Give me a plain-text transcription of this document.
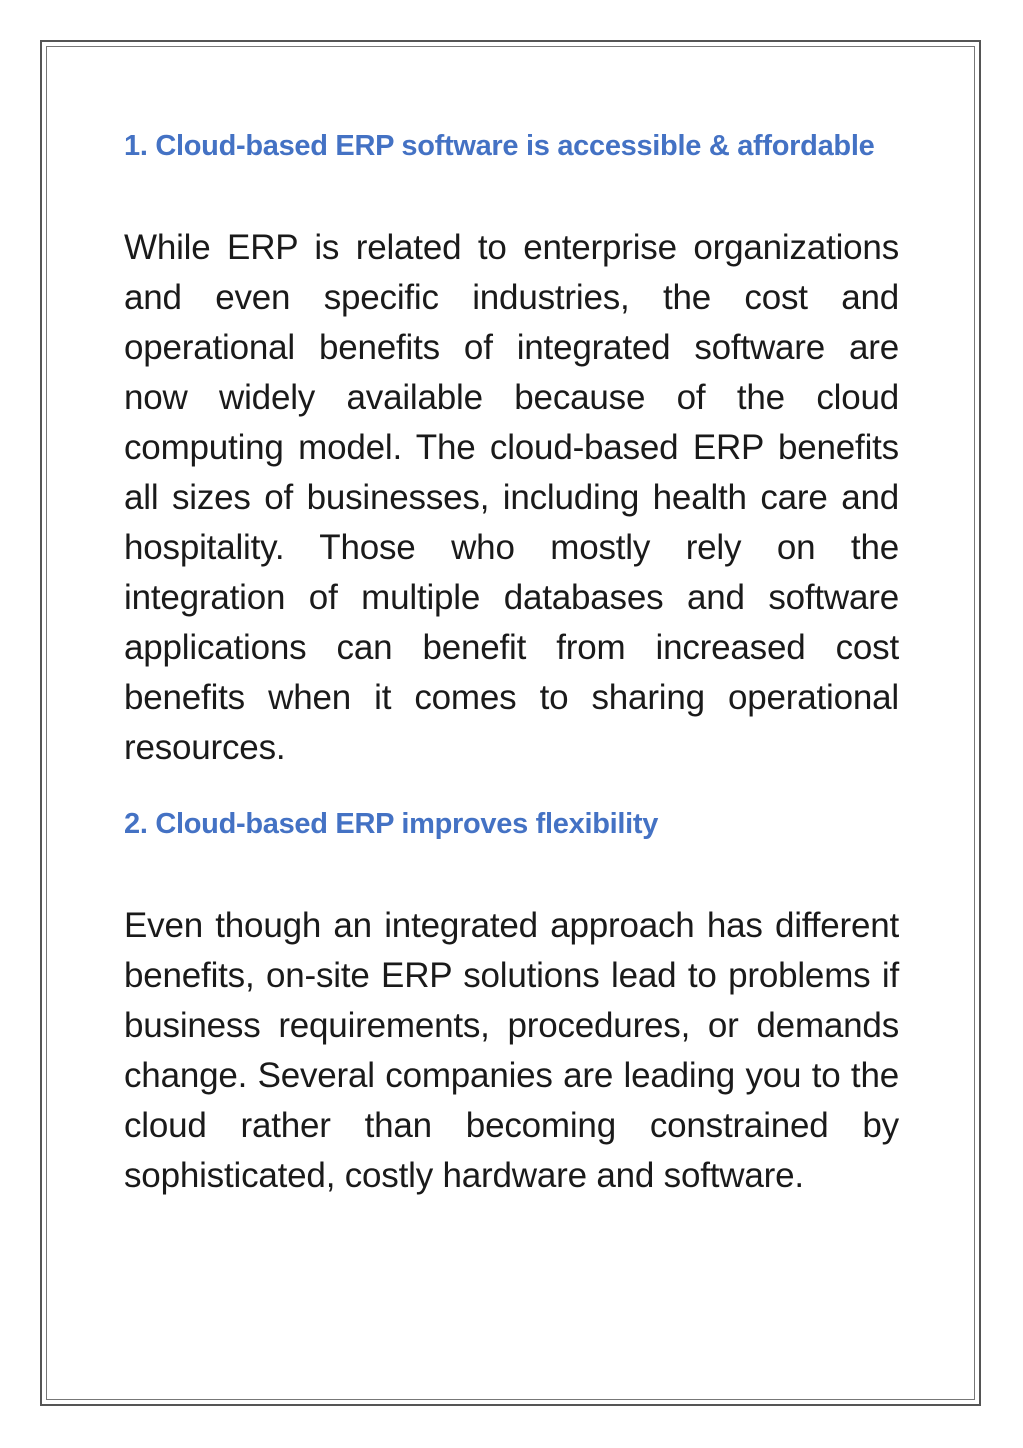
1. Cloud-based ERP software is accessible & affordable

While ERP is related to enterprise organizations and even specific industries, the cost and operational benefits of integrated software are now widely available because of the cloud computing model. The cloud-based ERP benefits all sizes of businesses, including health care and hospitality. Those who mostly rely on the integration of multiple databases and software applications can benefit from increased cost benefits when it comes to sharing operational resources.

2. Cloud-based ERP improves flexibility

Even though an integrated approach has different benefits, on-site ERP solutions lead to problems if business requirements, procedures, or demands change. Several companies are leading you to the cloud rather than becoming constrained by sophisticated, costly hardware and software.
